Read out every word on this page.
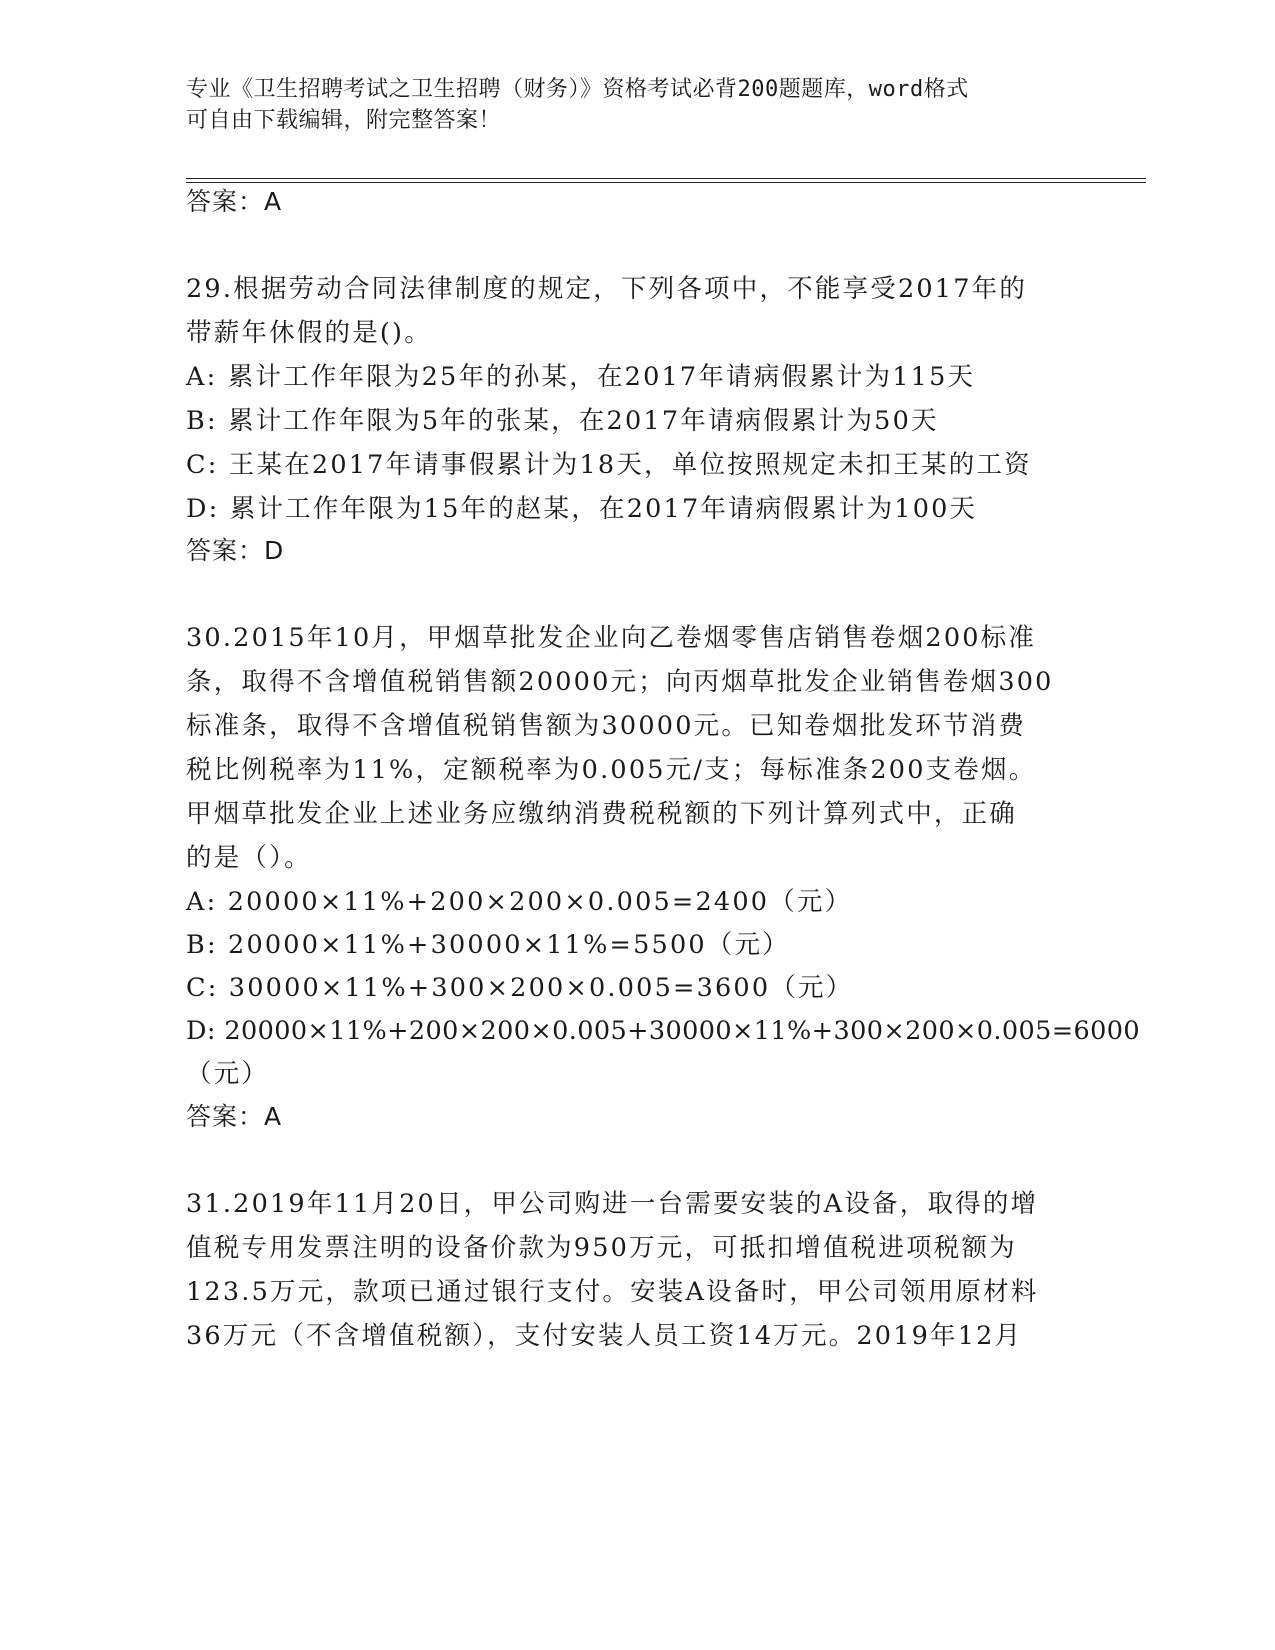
专业《卫生招聘考试之卫生招聘（财务）》资格考试必背200题题库，word格式
可自由下载编辑，附完整答案！
答案：A
29.根据劳动合同法律制度的规定，下列各项中，不能享受2017年的
带薪年休假的是()。
A: 累计工作年限为25年的孙某，在2017年请病假累计为115天
B: 累计工作年限为5年的张某，在2017年请病假累计为50天
C: 王某在2017年请事假累计为18天，单位按照规定未扣王某的工资
D: 累计工作年限为15年的赵某，在2017年请病假累计为100天
答案：D
30.2015年10月，甲烟草批发企业向乙卷烟零售店销售卷烟200标准
条，取得不含增值税销售额20000元；向丙烟草批发企业销售卷烟300
标准条，取得不含增值税销售额为30000元。已知卷烟批发环节消费
税比例税率为11%，定额税率为0.005元/支；每标准条200支卷烟。
甲烟草批发企业上述业务应缴纳消费税税额的下列计算列式中，正确
的是（）。
A: 20000×11%+200×200×0.005=2400（元）
B: 20000×11%+30000×11%=5500（元）
C: 30000×11%+300×200×0.005=3600（元）
D: 20000×11%+200×200×0.005+30000×11%+300×200×0.005=6000
（元）
答案：A
31.2019年11月20日，甲公司购进一台需要安装的A设备，取得的增
值税专用发票注明的设备价款为950万元，可抵扣增值税进项税额为
123.5万元，款项已通过银行支付。安装A设备时，甲公司领用原材料
36万元（不含增值税额），支付安装人员工资14万元。2019年12月
